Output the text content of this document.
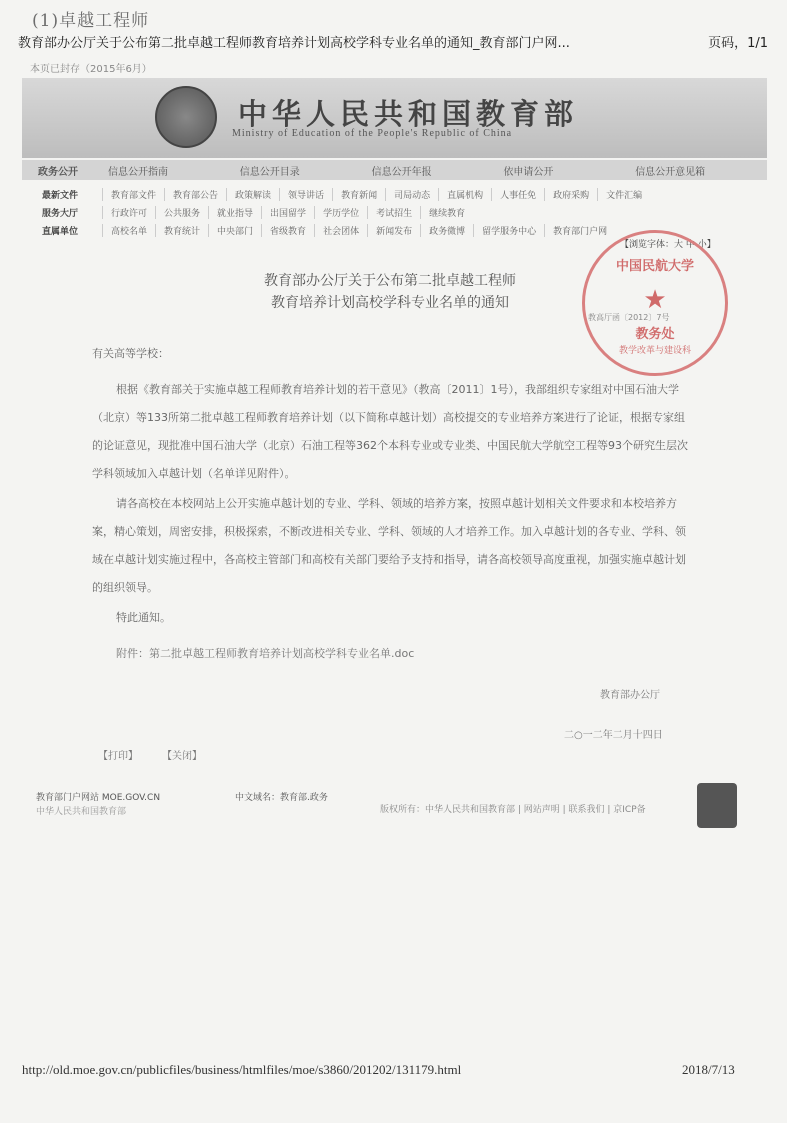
(1)卓越工程师
教育部办公厅关于公布第二批卓越工程师教育培养计划高校学科专业名单的通知_教育部门户网...	页码，1/1
本页已封存（2015年6月）
中华人民共和国教育部
Ministry of Education of the People's Republic of China
政务公开	信息公开指南	信息公开目录	信息公开年报	依申请公开	信息公开意见箱
最新文件	教育部文件	教育部公告	政策解读	领导讲话	教育新闻	司局动态	直属机构	人事任免	政府采购	文件汇编
服务大厅	行政许可	公共服务	就业指导	出国留学	学历学位	考试招生	继续教育
直属单位	高校名单	教育统计	中央部门	省级教育	社会团体	新闻发布	政务微博	留学服务中心	教育部门户网
【浏览字体：大 中 小】
中国民航大学
★
教务处
教学改革与建设科
教育部办公厅关于公布第二批卓越工程师
教育培养计划高校学科专业名单的通知
教高厅函〔2012〕7号
有关高等学校：
根据《教育部关于实施卓越工程师教育培养计划的若干意见》（教高〔2011〕1号），我部组织专家组对中国石油大学（北京）等133所第二批卓越工程师教育培养计划（以下简称卓越计划）高校提交的专业培养方案进行了论证，根据专家组的论证意见，现批准中国石油大学（北京）石油工程等362个本科专业或专业类、中国民航大学航空工程等93个研究生层次学科领域加入卓越计划（名单详见附件）。
请各高校在本校网站上公开实施卓越计划的专业、学科、领域的培养方案，按照卓越计划相关文件要求和本校培养方案，精心策划，周密安排，积极探索，不断改进相关专业、学科、领域的人才培养工作。加入卓越计划的各专业、学科、领域在卓越计划实施过程中，各高校主管部门和高校有关部门要给予支持和指导，请各高校领导高度重视，加强实施卓越计划的组织领导。
特此通知。
附件：第二批卓越工程师教育培养计划高校学科专业名单.doc
教育部办公厅
二○一二年二月十四日
【打印】 【关闭】
教育部门户网站 MOE.GOV.CN
中华人民共和国教育部
中文域名：教育部.政务
版权所有：中华人民共和国教育部 | 网站声明 | 联系我们 | 京ICP备
http://old.moe.gov.cn/publicfiles/business/htmlfiles/moe/s3860/201202/131179.html	2018/7/13
